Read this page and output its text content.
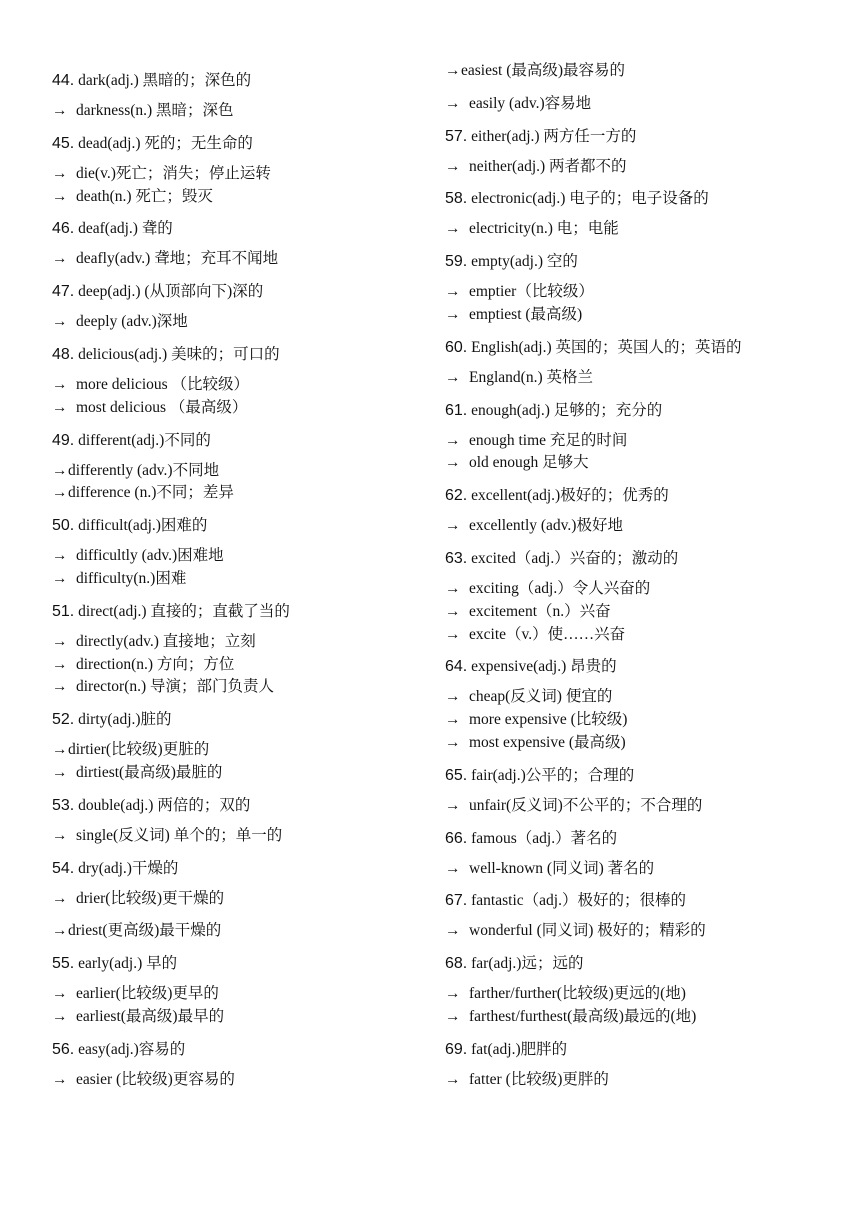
44. dark(adj.) 黑暗的；深色的
→ darkness(n.) 黑暗；深色
45. dead(adj.) 死的；无生命的
→ die(v.)死亡；消失；停止运转
→ death(n.) 死亡；毁灭
46. deaf(adj.) 聋的
→ deafly(adv.) 聋地；充耳不闻地
47. deep(adj.) (从顶部向下)深的
→ deeply (adv.)深地
48. delicious(adj.) 美味的；可口的
→ more delicious （比较级）
→ most delicious （最高级）
49. different(adj.)不同的
→differently (adv.)不同地
→difference (n.)不同；差异
50. difficult(adj.)困难的
→ difficultly (adv.)困难地
→ difficulty(n.)困难
51. direct(adj.) 直接的；直截了当的
→ directly(adv.) 直接地；立刻
→ direction(n.) 方向；方位
→ director(n.) 导演；部门负责人
52. dirty(adj.)脏的
→dirtier(比较级)更脏的
→ dirtiest(最高级)最脏的
53. double(adj.) 两倍的；双的
→ single(反义词) 单个的；单一的
54. dry(adj.)干燥的
→ drier(比较级)更干燥的
→driest(更高级)最干燥的
55. early(adj.) 早的
→ earlier(比较级)更早的
→ earliest(最高级)最早的
56. easy(adj.)容易的
→ easier (比较级)更容易的
→easiest (最高级)最容易的
→ easily (adv.)容易地
57. either(adj.) 两方任一方的
→ neither(adj.) 两者都不的
58. electronic(adj.) 电子的；电子设备的
→ electricity(n.) 电；电能
59. empty(adj.) 空的
→ emptier（比较级）
→ emptiest (最高级)
60. English(adj.) 英国的；英国人的；英语的
→ England(n.) 英格兰
61. enough(adj.) 足够的；充分的
→ enough time 充足的时间
→ old enough 足够大
62. excellent(adj.)极好的；优秀的
→ excellently (adv.)极好地
63. excited（adj.）兴奋的；激动的
→ exciting（adj.）令人兴奋的
→ excitement（n.）兴奋
→ excite（v.）使……兴奋
64. expensive(adj.) 昂贵的
→ cheap(反义词) 便宜的
→ more expensive (比较级)
→ most expensive (最高级)
65. fair(adj.)公平的；合理的
→ unfair(反义词)不公平的；不合理的
66. famous（adj.）著名的
→ well-known (同义词) 著名的
67. fantastic（adj.）极好的；很棒的
→ wonderful (同义词) 极好的；精彩的
68. far(adj.)远；远的
→ farther/further(比较级)更远的(地)
→ farthest/furthest(最高级)最远的(地)
69. fat(adj.)肥胖的
→ fatter (比较级)更胖的
